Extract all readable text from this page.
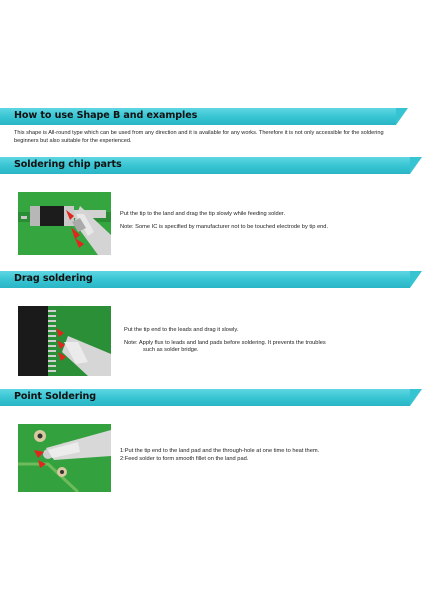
How to use Shape B and examples
This shape is All-round type which can be used from any direction and it is available for any works. Therefore it is not only accessible for the soldering beginners but also suitable for the experienced.
Soldering chip parts

Put the tip to the land and drag the tip slowly while feeding solder.

Note: Some IC is specified by manufacturer not to be touched electrode by tip end.

Drag soldering

Put the tip end to the leads and drag it slowly.

Note: Apply flux to leads and land pads before soldering. It prevents the troubles

such as solder bridge.

Point Soldering

1:Put the tip end to the land pad and the through-hole at one time to heat them.

2:Feed solder to form smooth fillet on the land pad.
